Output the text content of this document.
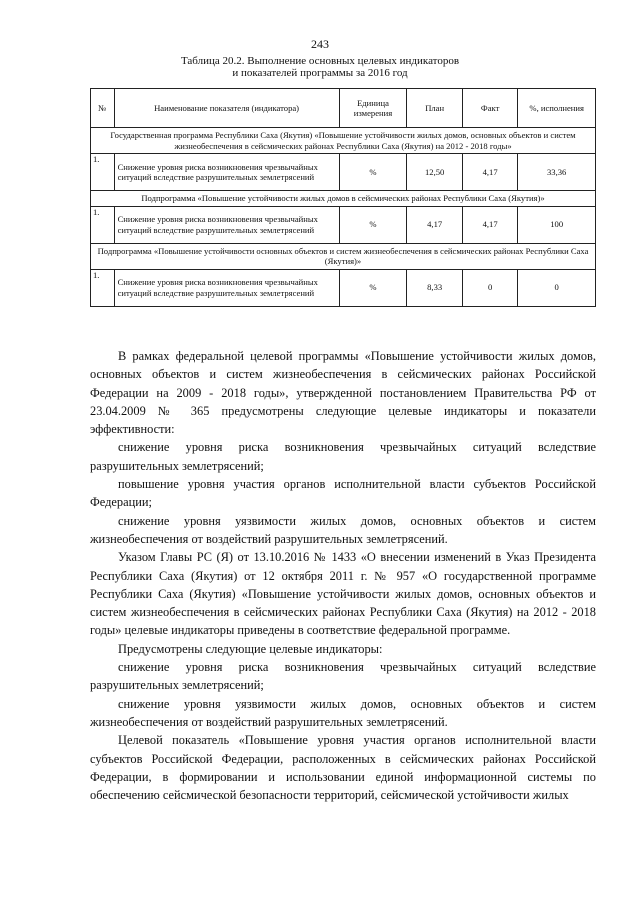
243
Таблица 20.2. Выполнение основных целевых индикаторов
и показателей программы за 2016 год
№	Наименование показателя (индикатора)	Единица измерения	План	Факт	%, исполнения
Государственная программа Республики Саха (Якутия) «Повышение устойчивости жилых домов, основных объектов и систем жизнеобеспечения в сейсмических районах Республики Саха (Якутия) на 2012 - 2018 годы»					
1.	Снижение уровня риска возникновения чрезвычайных ситуаций вследствие разрушительных землетрясений	%	12,50	4,17	33,36
Подпрограмма «Повышение устойчивости жилых домов в сейсмических районах Республики Саха (Якутия)»					
1.	Снижение уровня риска возникновения чрезвычайных ситуаций вследствие разрушительных землетрясений	%	4,17	4,17	100
Подпрограмма «Повышение устойчивости основных объектов и систем жизнеобеспечения в сейсмических районах Республики Саха (Якутия)»					
1.	Снижение уровня риска возникновения чрезвычайных ситуаций вследствие разрушительных землетрясений	%	8,33	0	0

В рамках федеральной целевой программы «Повышение устойчивости жилых домов, основных объектов и систем жизнеобеспечения в сейсмических районах Российской Федерации на 2009 - 2018 годы», утвержденной постановлением Правительства РФ от 23.04.2009 № 365 предусмотрены следующие целевые индикаторы и показатели эффективности:

снижение уровня риска возникновения чрезвычайных ситуаций вследствие разрушительных землетрясений;

повышение уровня участия органов исполнительной власти субъектов Российской Федерации;

снижение уровня уязвимости жилых домов, основных объектов и систем жизнеобеспечения от воздействий разрушительных землетрясений.

Указом Главы РС (Я) от 13.10.2016 № 1433 «О внесении изменений в Указ Президента Республики Саха (Якутия) от 12 октября 2011 г. № 957 «О государственной программе Республики Саха (Якутия) «Повышение устойчивости жилых домов, основных объектов и систем жизнеобеспечения в сейсмических районах Республики Саха (Якутия) на 2012 - 2018 годы» целевые индикаторы приведены в соответствие федеральной программе.

Предусмотрены следующие целевые индикаторы:

снижение уровня риска возникновения чрезвычайных ситуаций вследствие разрушительных землетрясений;

снижение уровня уязвимости жилых домов, основных объектов и систем жизнеобеспечения от воздействий разрушительных землетрясений.

Целевой показатель «Повышение уровня участия органов исполнительной власти субъектов Российской Федерации, расположенных в сейсмических районах Российской Федерации, в формировании и использовании единой информационной системы по обеспечению сейсмической безопасности территорий, сейсмической устойчивости жилых
